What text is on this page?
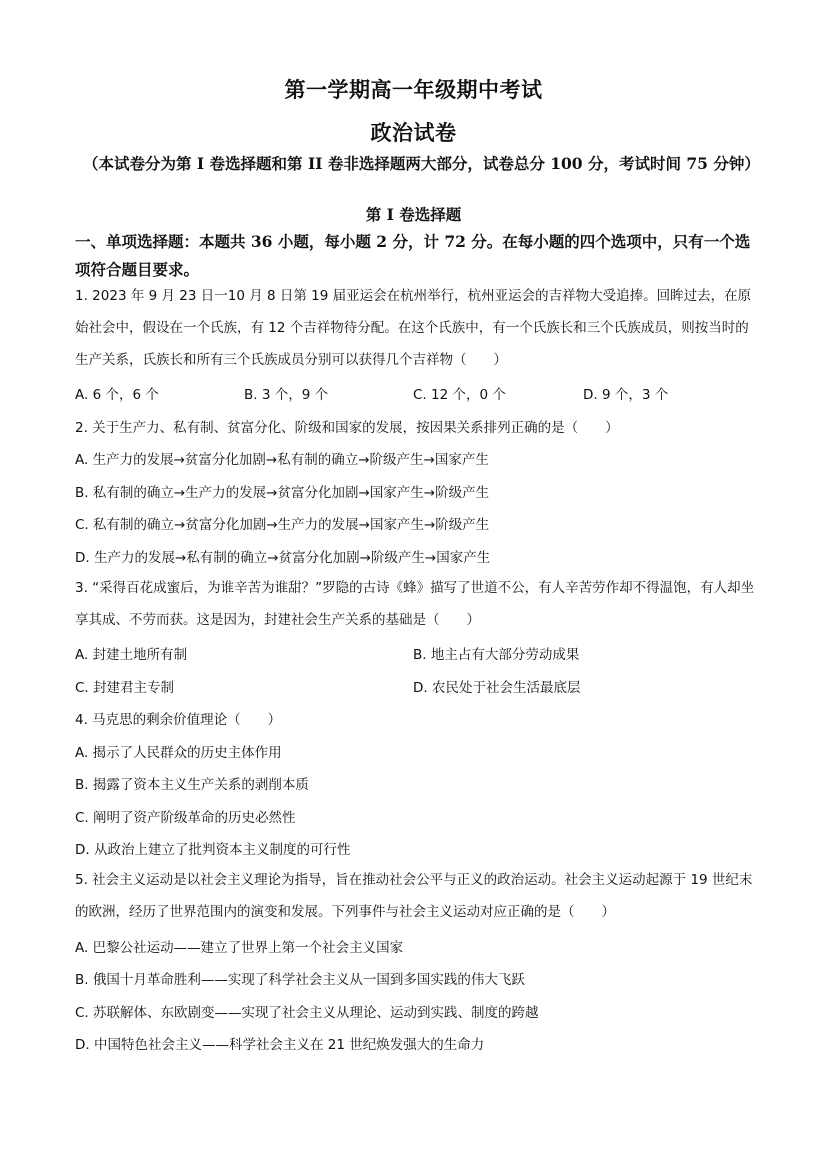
第一学期高一年级期中考试
政治试卷
（本试卷分为第 I 卷选择题和第 II 卷非选择题两大部分，试卷总分 100 分，考试时间 75 分钟）
第 I 卷选择题
一、单项选择题：本题共 36 小题，每小题 2 分，计 72 分。在每小题的四个选项中，只有一个选项符合题目要求。
1. 2023 年 9 月 23 日一10 月 8 日第 19 届亚运会在杭州举行，杭州亚运会的吉祥物大受追捧。回眸过去，在原始社会中，假设在一个氏族，有 12 个吉祥物待分配。在这个氏族中，有一个氏族长和三个氏族成员，则按当时的生产关系，氏族长和所有三个氏族成员分别可以获得几个吉祥物（　　）
A. 6 个，6 个	B. 3 个，9 个	C. 12 个，0 个	D. 9 个，3 个
2. 关于生产力、私有制、贫富分化、阶级和国家的发展，按因果关系排列正确的是（　　）
A. 生产力的发展→贫富分化加剧→私有制的确立→阶级产生→国家产生
B. 私有制的确立→生产力的发展→贫富分化加剧→国家产生→阶级产生
C. 私有制的确立→贫富分化加剧→生产力的发展→国家产生→阶级产生
D. 生产力的发展→私有制的确立→贫富分化加剧→阶级产生→国家产生
3. “采得百花成蜜后，为谁辛苦为谁甜？”罗隐的古诗《蜂》描写了世道不公，有人辛苦劳作却不得温饱，有人却坐享其成、不劳而获。这是因为，封建社会生产关系的基础是（　　）
A. 封建土地所有制	B. 地主占有大部分劳动成果
C. 封建君主专制	D. 农民处于社会生活最底层
4. 马克思的剩余价值理论（　　）
A. 揭示了人民群众的历史主体作用
B. 揭露了资本主义生产关系的剥削本质
C. 阐明了资产阶级革命的历史必然性
D. 从政治上建立了批判资本主义制度的可行性
5. 社会主义运动是以社会主义理论为指导，旨在推动社会公平与正义的政治运动。社会主义运动起源于 19 世纪末的欧洲，经历了世界范围内的演变和发展。下列事件与社会主义运动对应正确的是（　　）
A. 巴黎公社运动——建立了世界上第一个社会主义国家
B. 俄国十月革命胜利——实现了科学社会主义从一国到多国实践的伟大飞跃
C. 苏联解体、东欧剧变——实现了社会主义从理论、运动到实践、制度的跨越
D. 中国特色社会主义——科学社会主义在 21 世纪焕发强大的生命力
